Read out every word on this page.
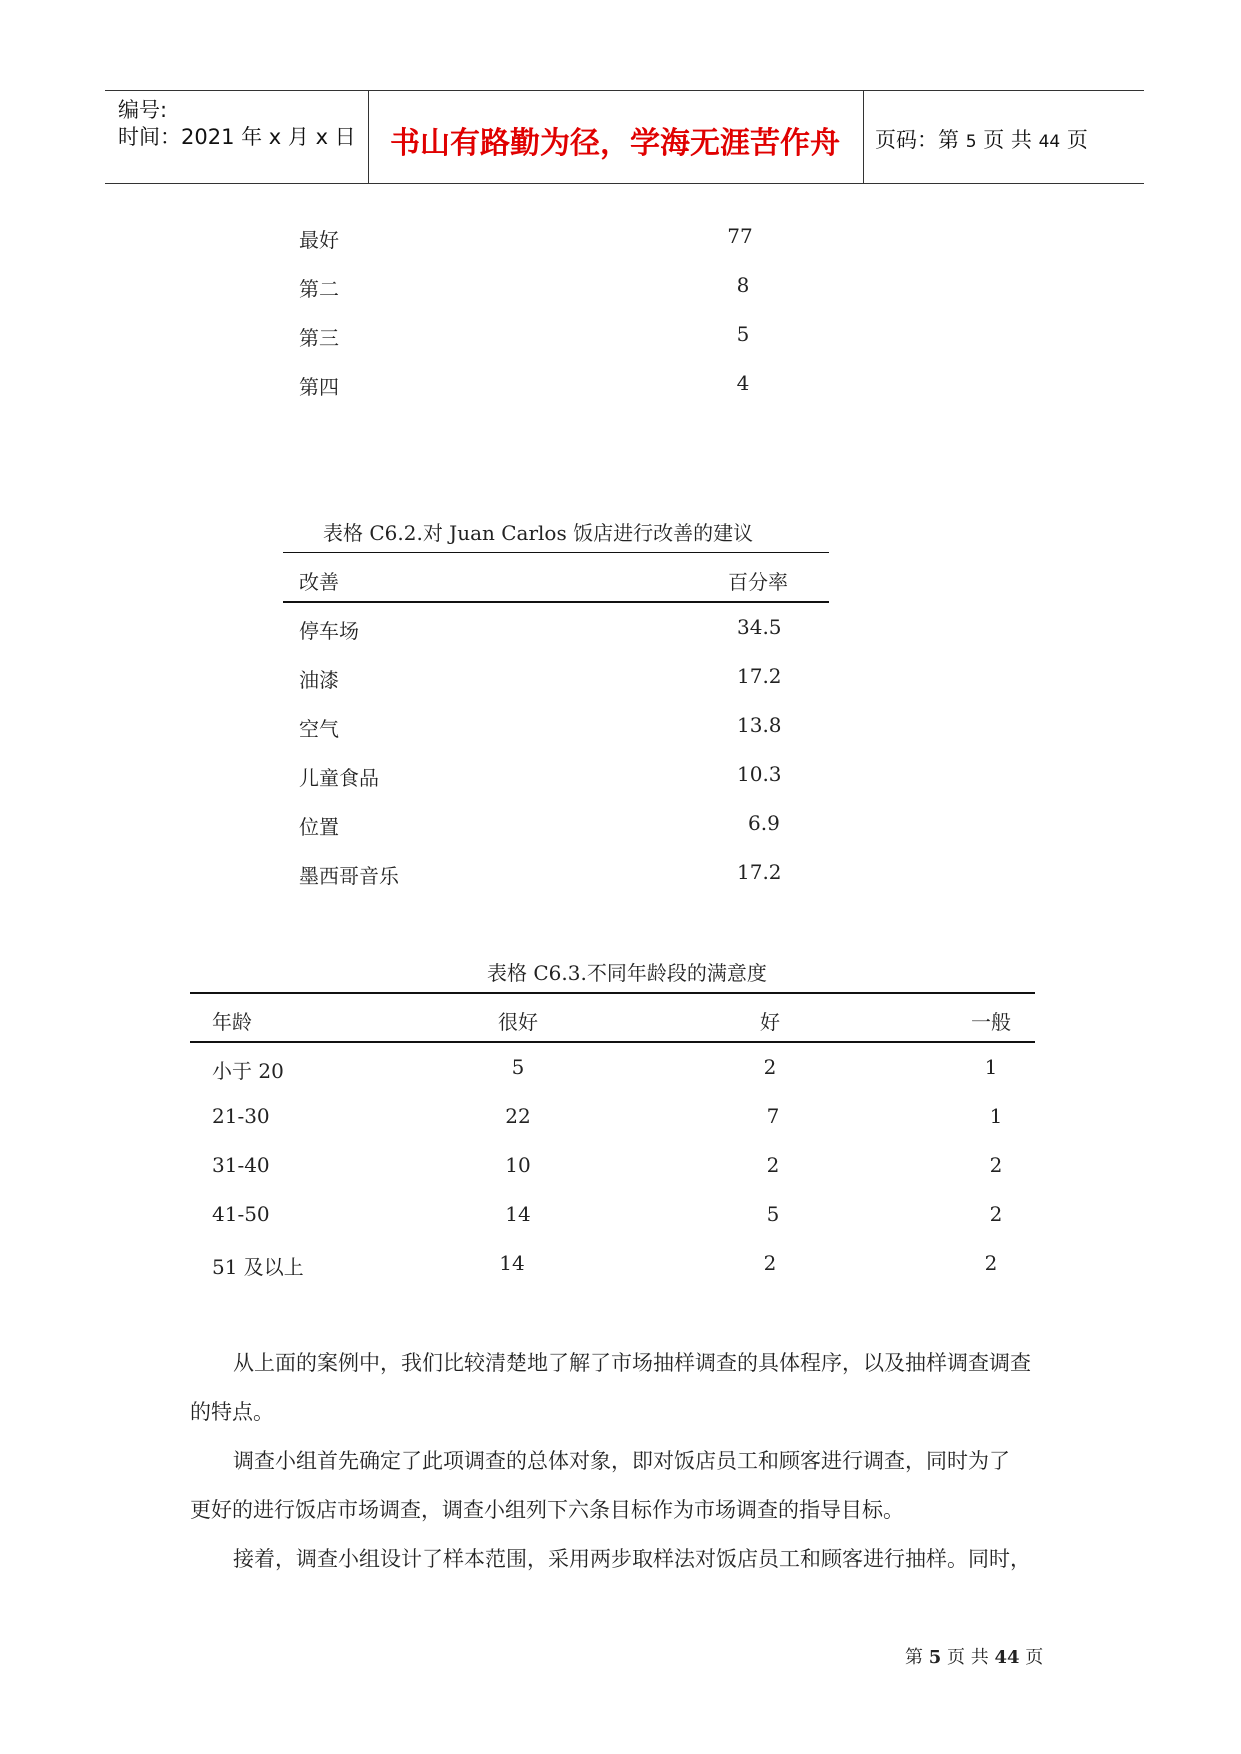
编号:
时间：2021 年 x 月 x 日	书山有路勤为径，学海无涯苦作舟	页码：第 5 页 共 44 页
最好	77
第二	8
第三	5
第四	4
表格 C6.2.对 Juan Carlos 饭店进行改善的建议
改善	百分率
停车场	34.5
油漆	17.2
空气	13.8
儿童食品	10.3
位置	6.9
墨西哥音乐	17.2
表格 C6.3.不同年龄段的满意度
年龄	很好	好	一般
小于 20	5	2	1
21-30	22	7	1
31-40	10	2	2
41-50	14	5	2
51 及以上	14	2	2
从上面的案例中，我们比较清楚地了解了市场抽样调查的具体程序，以及抽样调查调查
的特点。
调查小组首先确定了此项调查的总体对象，即对饭店员工和顾客进行调查，同时为了
更好的进行饭店市场调查，调查小组列下六条目标作为市场调查的指导目标。
接着，调查小组设计了样本范围，采用两步取样法对饭店员工和顾客进行抽样。同时，
第 5 页 共 44 页
